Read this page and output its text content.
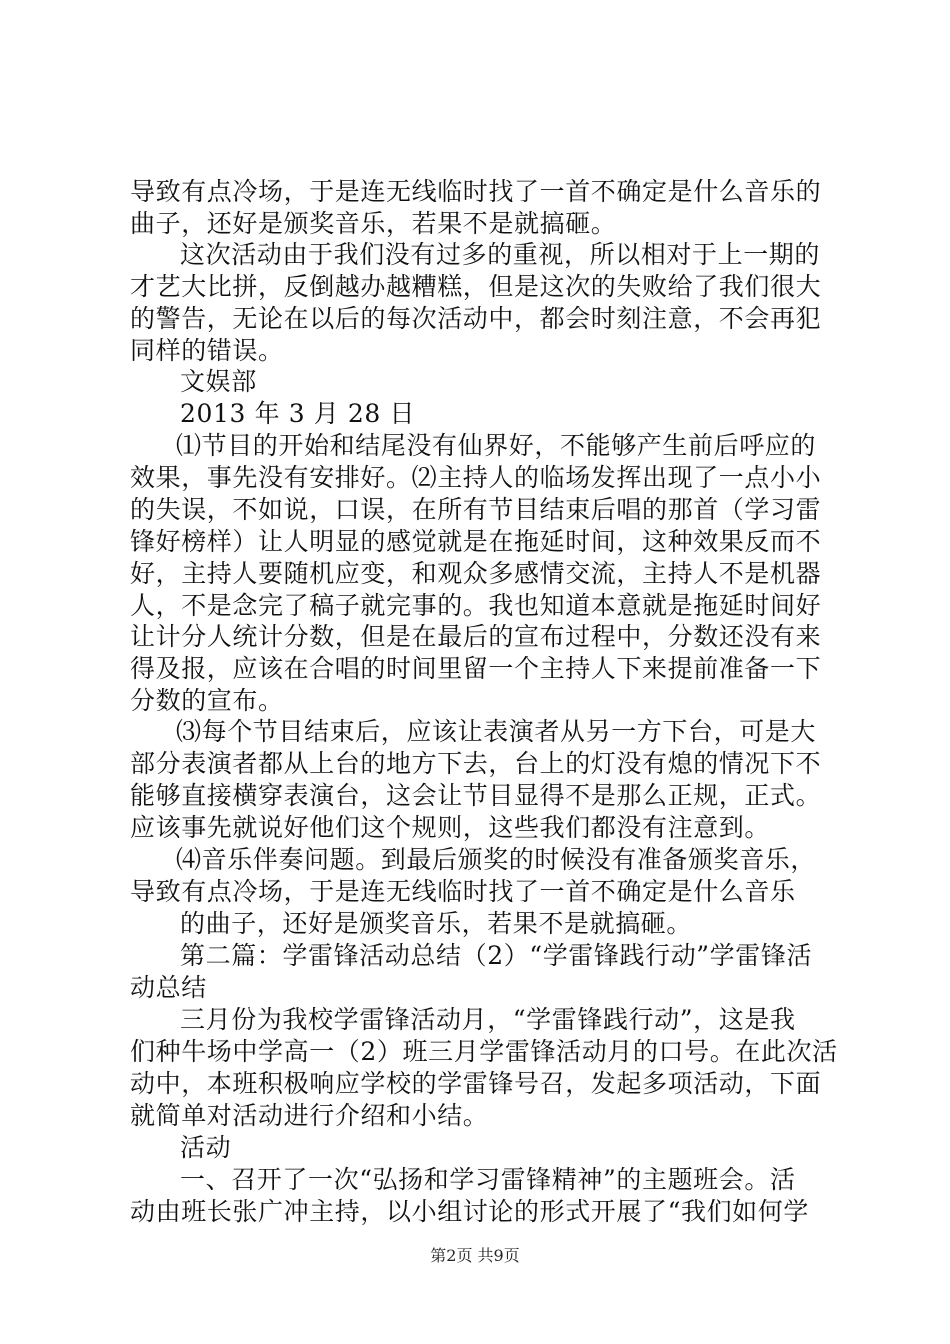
导致有点冷场，于是连无线临时找了一首不确定是什么音乐的
曲子，还好是颁奖音乐，若果不是就搞砸。
这次活动由于我们没有过多的重视，所以相对于上一期的
才艺大比拼，反倒越办越糟糕，但是这次的失败给了我们很大
的警告，无论在以后的每次活动中，都会时刻注意，不会再犯
同样的错误。
文娱部
2013 年 3 月 28 日
⑴节目的开始和结尾没有仙界好，不能够产生前后呼应的
效果，事先没有安排好。⑵主持人的临场发挥出现了一点小小
的失误，不如说，口误，在所有节目结束后唱的那首（学习雷
锋好榜样）让人明显的感觉就是在拖延时间，这种效果反而不
好，主持人要随机应变，和观众多感情交流，主持人不是机器
人，不是念完了稿子就完事的。我也知道本意就是拖延时间好
让计分人统计分数，但是在最后的宣布过程中，分数还没有来
得及报，应该在合唱的时间里留一个主持人下来提前准备一下
分数的宣布。
⑶每个节目结束后，应该让表演者从另一方下台，可是大
部分表演者都从上台的地方下去，台上的灯没有熄的情况下不
能够直接横穿表演台，这会让节目显得不是那么正规，正式。
应该事先就说好他们这个规则，这些我们都没有注意到。
⑷音乐伴奏问题。到最后颁奖的时候没有准备颁奖音乐，
导致有点冷场，于是连无线临时找了一首不确定是什么音乐
的曲子，还好是颁奖音乐，若果不是就搞砸。
第二篇：学雷锋活动总结（2）“学雷锋践行动”学雷锋活
动总结
三月份为我校学雷锋活动月，“学雷锋践行动”，这是我
们种牛场中学高一（2）班三月学雷锋活动月的口号。在此次活
动中，本班积极响应学校的学雷锋号召，发起多项活动，下面
就简单对活动进行介绍和小结。
活动
一、召开了一次“弘扬和学习雷锋精神”的主题班会。活
动由班长张广冲主持，以小组讨论的形式开展了“我们如何学
第2页 共9页
